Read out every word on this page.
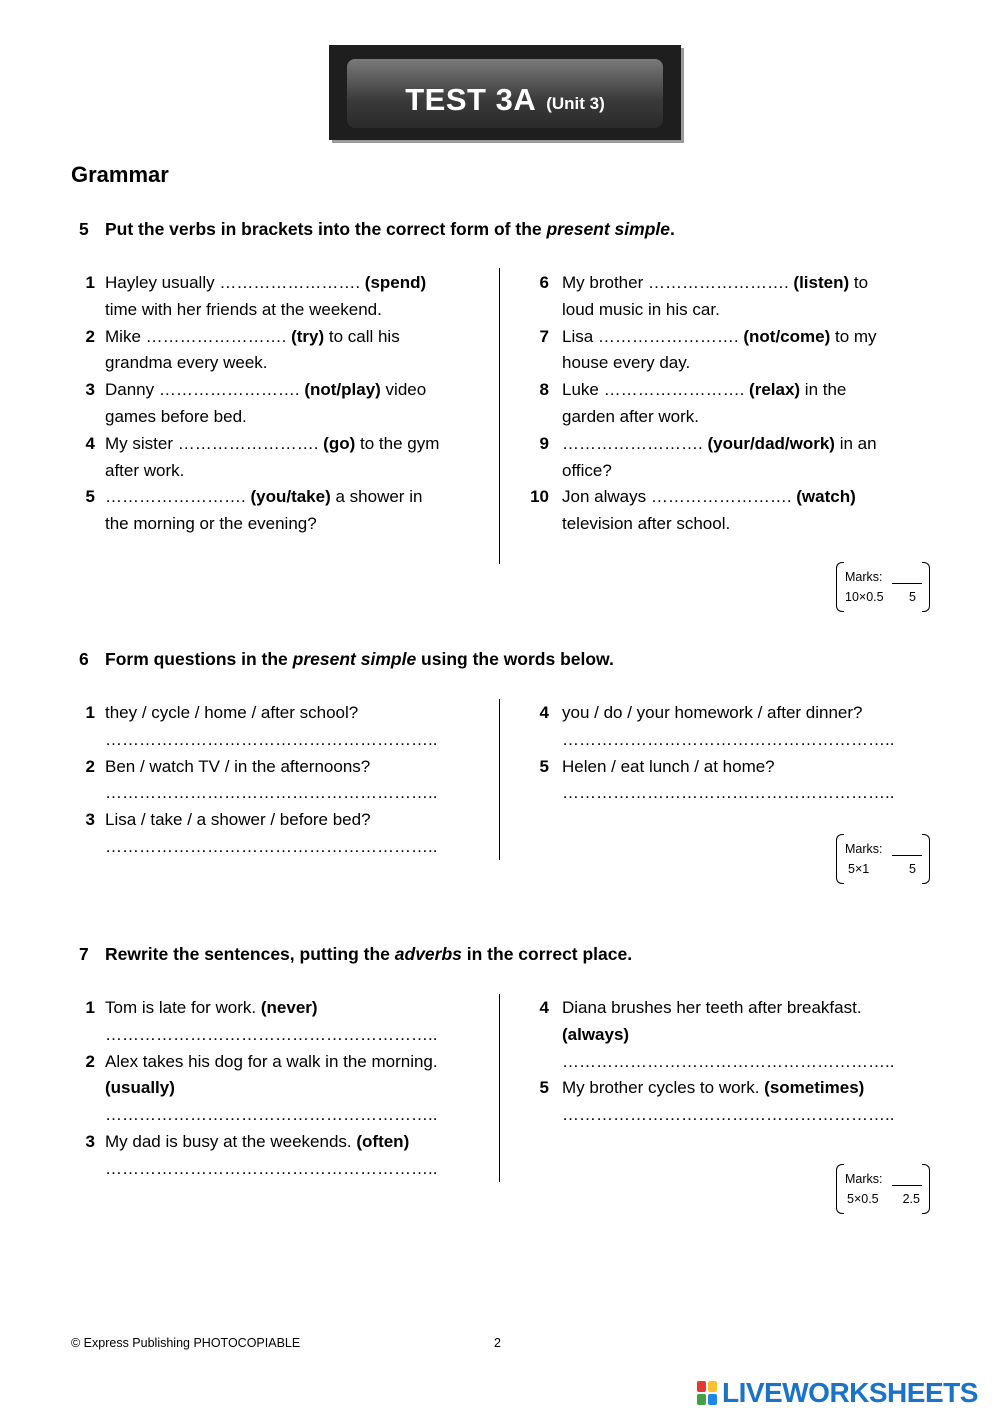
TEST 3A (Unit 3)
Grammar
5 Put the verbs in brackets into the correct form of the present simple.
1 Hayley usually ……………………. (spend)
time with her friends at the weekend.
2 Mike ……………………. (try) to call his
grandma every week.
3 Danny ……………………. (not/play) video
games before bed.
4 My sister ……………………. (go) to the gym
after work.
5 ……………………. (you/take) a shower in
the morning or the evening?
6 My brother ……………………. (listen) to
loud music in his car.
7 Lisa ……………………. (not/come) to my
house every day.
8 Luke ……………………. (relax) in the
garden after work.
9 ……………………. (your/dad/work) in an
office?
10 Jon always ……………………. (watch)
television after school.
Marks:
10×0.5 5
6 Form questions in the present simple using the words below.
1 they / cycle / home / after school?
…………………………………………………..
2 Ben / watch TV / in the afternoons?
…………………………………………………..
3 Lisa / take / a shower / before bed?
…………………………………………………..
4 you / do / your homework / after dinner?
…………………………………………………..
5 Helen / eat lunch / at home?
…………………………………………………..
Marks:
5×1	5
7 Rewrite the sentences, putting the adverbs in the correct place.
1 Tom is late for work. (never)
…………………………………………………..
2 Alex takes his dog for a walk in the morning.
(usually)
…………………………………………………..
3 My dad is busy at the weekends. (often)
…………………………………………………..
4 Diana brushes her teeth after breakfast.
(always)
…………………………………………………..
5 My brother cycles to work. (sometimes)
…………………………………………………..
Marks:
5×0.5 2.5
© Express Publishing PHOTOCOPIABLE	2
LIVEWORKSHEETS
